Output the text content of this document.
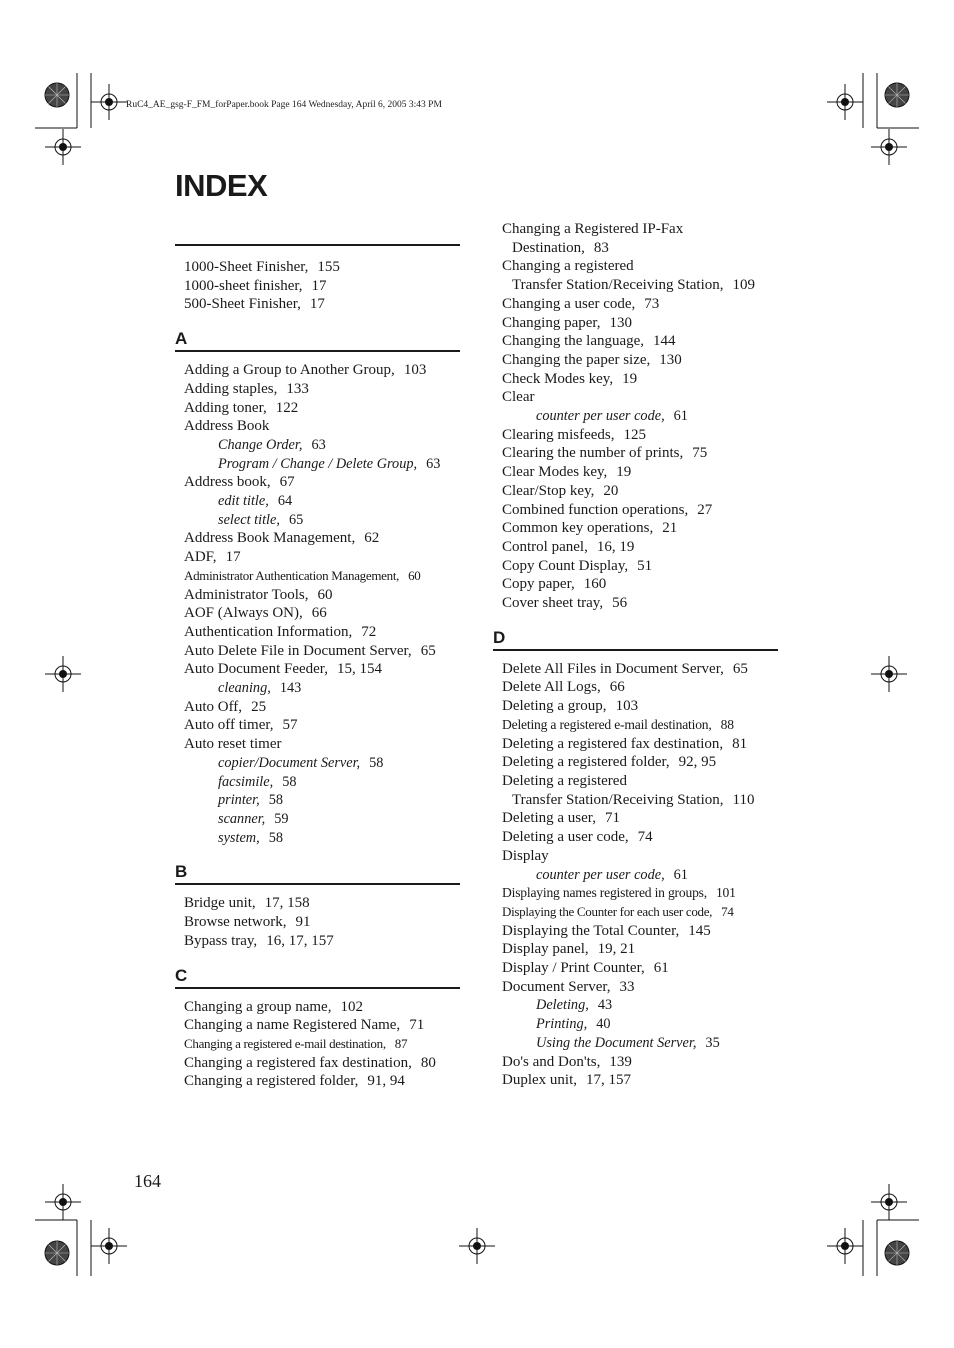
RuC4_AE_gsg-F_FM_forPaper.book Page 164 Wednesday, April 6, 2005 3:43 PM
INDEX
1000-Sheet Finisher, 155
1000-sheet finisher, 17
500-Sheet Finisher, 17
A
Adding a Group to Another Group, 103
Adding staples, 133
Adding toner, 122
Address Book
Change Order, 63
Program / Change / Delete Group, 63
Address book, 67
edit title, 64
select title, 65
Address Book Management, 62
ADF, 17
Administrator Authentication Management, 60
Administrator Tools, 60
AOF (Always ON), 66
Authentication Information, 72
Auto Delete File in Document Server, 65
Auto Document Feeder, 15, 154
cleaning, 143
Auto Off, 25
Auto off timer, 57
Auto reset timer
copier/Document Server, 58
facsimile, 58
printer, 58
scanner, 59
system, 58
B
Bridge unit, 17, 158
Browse network, 91
Bypass tray, 16, 17, 157
C
Changing a group name, 102
Changing a name Registered Name, 71
Changing a registered e-mail destination, 87
Changing a registered fax destination, 80
Changing a registered folder, 91, 94
Changing a Registered IP-Fax
Destination, 83
Changing a registered
Transfer Station/Receiving Station, 109
Changing a user code, 73
Changing paper, 130
Changing the language, 144
Changing the paper size, 130
Check Modes key, 19
Clear
counter per user code, 61
Clearing misfeeds, 125
Clearing the number of prints, 75
Clear Modes key, 19
Clear/Stop key, 20
Combined function operations, 27
Common key operations, 21
Control panel, 16, 19
Copy Count Display, 51
Copy paper, 160
Cover sheet tray, 56
D
Delete All Files in Document Server, 65
Delete All Logs, 66
Deleting a group, 103
Deleting a registered e-mail destination, 88
Deleting a registered fax destination, 81
Deleting a registered folder, 92, 95
Deleting a registered
Transfer Station/Receiving Station, 110
Deleting a user, 71
Deleting a user code, 74
Display
counter per user code, 61
Displaying names registered in groups, 101
Displaying the Counter for each user code, 74
Displaying the Total Counter, 145
Display panel, 19, 21
Display / Print Counter, 61
Document Server, 33
Deleting, 43
Printing, 40
Using the Document Server, 35
Do's and Don'ts, 139
Duplex unit, 17, 157
164
